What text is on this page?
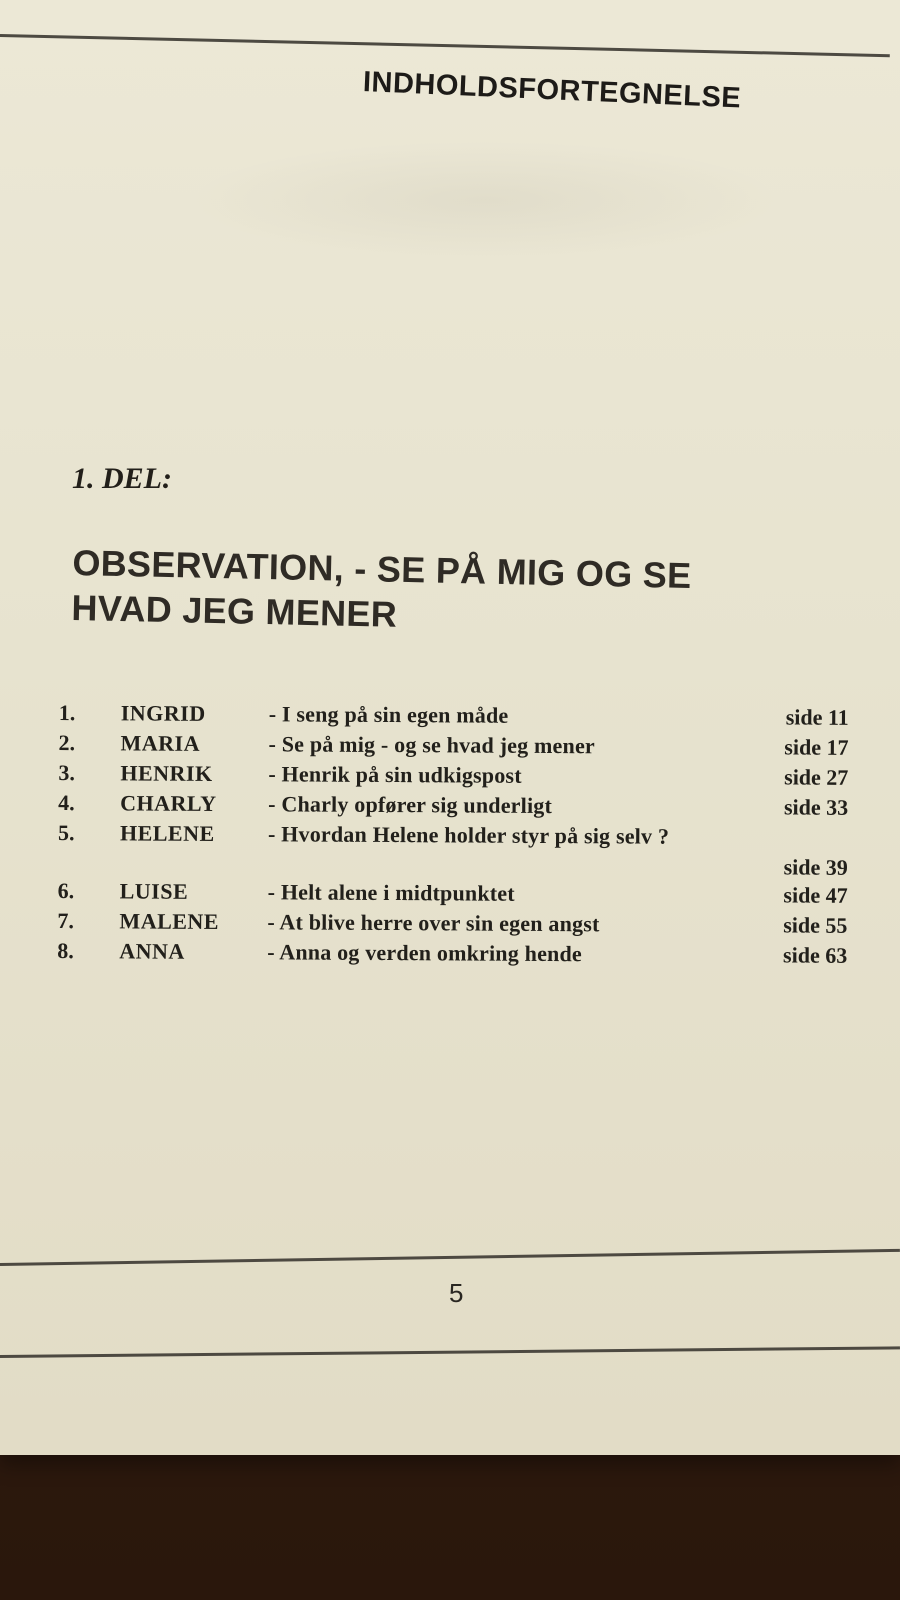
INDHOLDSFORTEGNELSE
1. DEL:
OBSERVATION, - SE PÅ MIG OG SE
HVAD JEG MENER
1. INGRID	- I seng på sin egen måde	side 11
2. MARIA	- Se på mig - og se hvad jeg mener	side 17
3. HENRIK	- Henrik på sin udkigspost	side 27
4. CHARLY - Charly opfører sig underligt	side 33
5. HELENE - Hvordan Helene holder styr på sig selv ?
side 39
6. LUISE	- Helt alene i midtpunktet	side 47
7. MALENE - At blive herre over sin egen angst	side 55
8. ANNA	- Anna og verden omkring hende	side 63
5
